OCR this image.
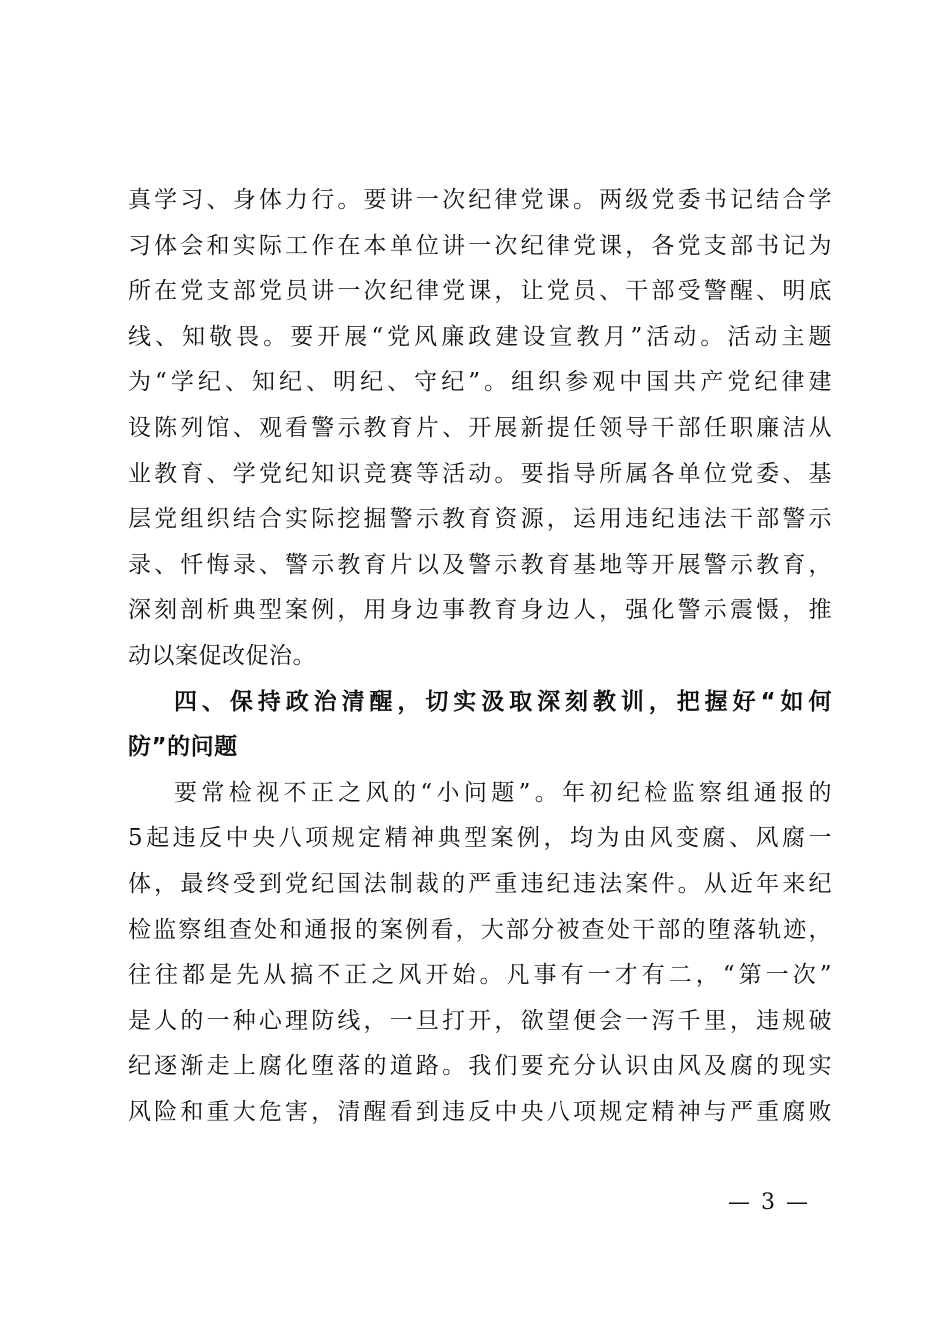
真学习、身体力行。要讲一次纪律党课。两级党委书记结合学
习体会和实际工作在本单位讲一次纪律党课，各党支部书记为
所在党支部党员讲一次纪律党课，让党员、干部受警醒、明底
线、知敬畏。要开展“党风廉政建设宣教月”活动。活动主题
为“学纪、知纪、明纪、守纪”。组织参观中国共产党纪律建
设陈列馆、观看警示教育片、开展新提任领导干部任职廉洁从
业教育、学党纪知识竞赛等活动。要指导所属各单位党委、基
层党组织结合实际挖掘警示教育资源，运用违纪违法干部警示
录、忏悔录、警示教育片以及警示教育基地等开展警示教育，
深刻剖析典型案例，用身边事教育身边人，强化警示震慑，推
动以案促改促治。
四、保持政治清醒，切实汲取深刻教训，把握好“如何
防”的问题
要常检视不正之风的“小问题”。年初纪检监察组通报的
5起违反中央八项规定精神典型案例，均为由风变腐、风腐一
体，最终受到党纪国法制裁的严重违纪违法案件。从近年来纪
检监察组查处和通报的案例看，大部分被查处干部的堕落轨迹，
往往都是先从搞不正之风开始。凡事有一才有二，“第一次”
是人的一种心理防线，一旦打开，欲望便会一泻千里，违规破
纪逐渐走上腐化堕落的道路。我们要充分认识由风及腐的现实
风险和重大危害，清醒看到违反中央八项规定精神与严重腐败
— 3 —
